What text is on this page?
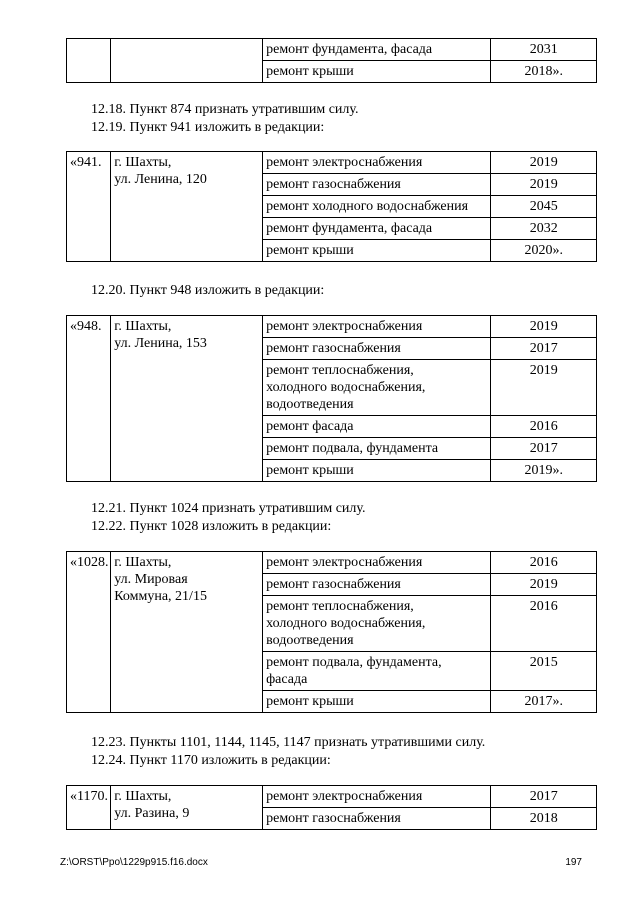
		ремонт фундамента, фасада	2031
		ремонт крыши	2018».

12.18. Пункт 874 признать утратившим силу.

12.19. Пункт 941 изложить в редакции:

«941.	г. Шахты,
ул. Ленина, 120	ремонт электроснабжения	2019
		ремонт газоснабжения	2019
		ремонт холодного водоснабжения	2045
		ремонт фундамента, фасада	2032
		ремонт крыши	2020».

12.20. Пункт 948 изложить в редакции:

«948.	г. Шахты,
ул. Ленина, 153	ремонт электроснабжения	2019
		ремонт газоснабжения	2017
		ремонт теплоснабжения,
холодного водоснабжения,
водоотведения	2019
		ремонт фасада	2016
		ремонт подвала, фундамента	2017
		ремонт крыши	2019».

12.21. Пункт 1024 признать утратившим силу.

12.22. Пункт 1028 изложить в редакции:

«1028.	г. Шахты,
ул. Мировая
Коммуна, 21/15	ремонт электроснабжения	2016
		ремонт газоснабжения	2019
		ремонт теплоснабжения,
холодного водоснабжения,
водоотведения	2016
		ремонт подвала, фундамента,
фасада	2015
		ремонт крыши	2017».

12.23. Пункты 1101, 1144, 1145, 1147 признать утратившими силу.

12.24. Пункт 1170 изложить в редакции:

«1170.	г. Шахты,
ул. Разина, 9	ремонт электроснабжения	2017
		ремонт газоснабжения	2018
Z:\ORST\Ppo\1229p915.f16.docx	197
